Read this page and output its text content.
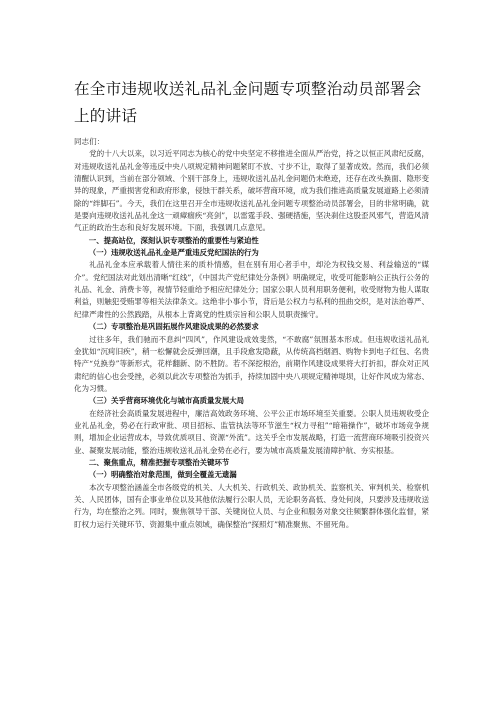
在全市违规收送礼品礼金问题专项整治动员部署会上的讲话

同志们：

党的十八大以来，以习近平同志为核心的党中央坚定不移推进全面从严治党，持之以恒正风肃纪反腐，对违规收送礼品礼金等违反中央八项规定精神问题紧盯不放、寸步不让，取得了显著成效。然而，我们必须清醒认识到，当前在部分领域、个别干部身上，违规收送礼品礼金问题仍未绝迹，还存在改头换面、隐形变异的现象，严重损害党和政府形象，侵蚀干群关系，破坏营商环境，成为我们推进高质量发展道路上必须清除的“绊脚石”。今天，我们在这里召开全市违规收送礼品礼金问题专项整治动员部署会，目的非常明确，就是要向违规收送礼品礼金这一顽瘴痼疾“亮剑”，以雷霆手段、强硬措施，坚决刹住这股歪风邪气，营造风清气正的政治生态和良好发展环境。下面，我强调几点意见。

一、提高站位，深刻认识专项整治的重要性与紧迫性

（一）违规收送礼品礼金是严重违反党纪国法的行为

礼品礼金本应承载着人情往来的质朴情感，但在别有用心者手中，却沦为权钱交易、利益输送的“媒介”。党纪国法对此划出清晰“红线”，《中国共产党纪律处分条例》明确规定，收受可能影响公正执行公务的礼品、礼金、消费卡等，视情节轻重给予相应纪律处分；国家公职人员利用职务便利，收受财物为他人谋取利益，则触犯受贿罪等相关法律条文。这绝非小事小节，背后是公权力与私利的扭曲交织，是对法治尊严、纪律严肃性的公然践踏，从根本上背离党的性质宗旨和公职人员职责操守。

（二）专项整治是巩固拓展作风建设成果的必然要求

过往多年，我们驰而不息纠“四风”，作风建设成效斐然，“不敢腐”氛围基本形成。但违规收送礼品礼金犹如“沉疴旧疾”，稍一松懈就会反弹回潮，且手段愈发隐蔽，从传统高档烟酒、购物卡到电子红包、名贵特产“兑换券”等新形式，花样翻新、防不胜防。若不深挖根治，前期作风建设成果将大打折扣，群众对正风肃纪的信心也会受挫，必须以此次专项整治为抓手，持续加固中央八项规定精神堤坝，让好作风成为常态、化为习惯。

（三）关乎营商环境优化与城市高质量发展大局

在经济社会高质量发展进程中，廉洁高效政务环境、公平公正市场环境至关重要。公职人员违规收受企业礼品礼金，势必在行政审批、项目招标、监管执法等环节滋生“权力寻租”“暗箱操作”，破坏市场竞争规则，增加企业运营成本，导致优质项目、资源“外流”。这关乎全市发展战略，打造一流营商环境吸引投资兴业、凝聚发展动能，整治违规收送礼品礼金势在必行，要为城市高质量发展清障护航、夯实根基。

二、聚焦重点，精准把握专项整治关键环节

（一）明确整治对象范围，做到全覆盖无遗漏

本次专项整治涵盖全市各级党的机关、人大机关、行政机关、政协机关、监察机关、审判机关、检察机关、人民团体，国有企事业单位以及其他依法履行公职人员，无论职务高低、身处何岗，只要涉及违规收送行为，均在整治之列。同时，聚焦领导干部、关键岗位人员、与企业和服务对象交往频繁群体强化监督，紧盯权力运行关键环节、资源集中重点领域，确保整治“探照灯”精准聚焦、不留死角。
